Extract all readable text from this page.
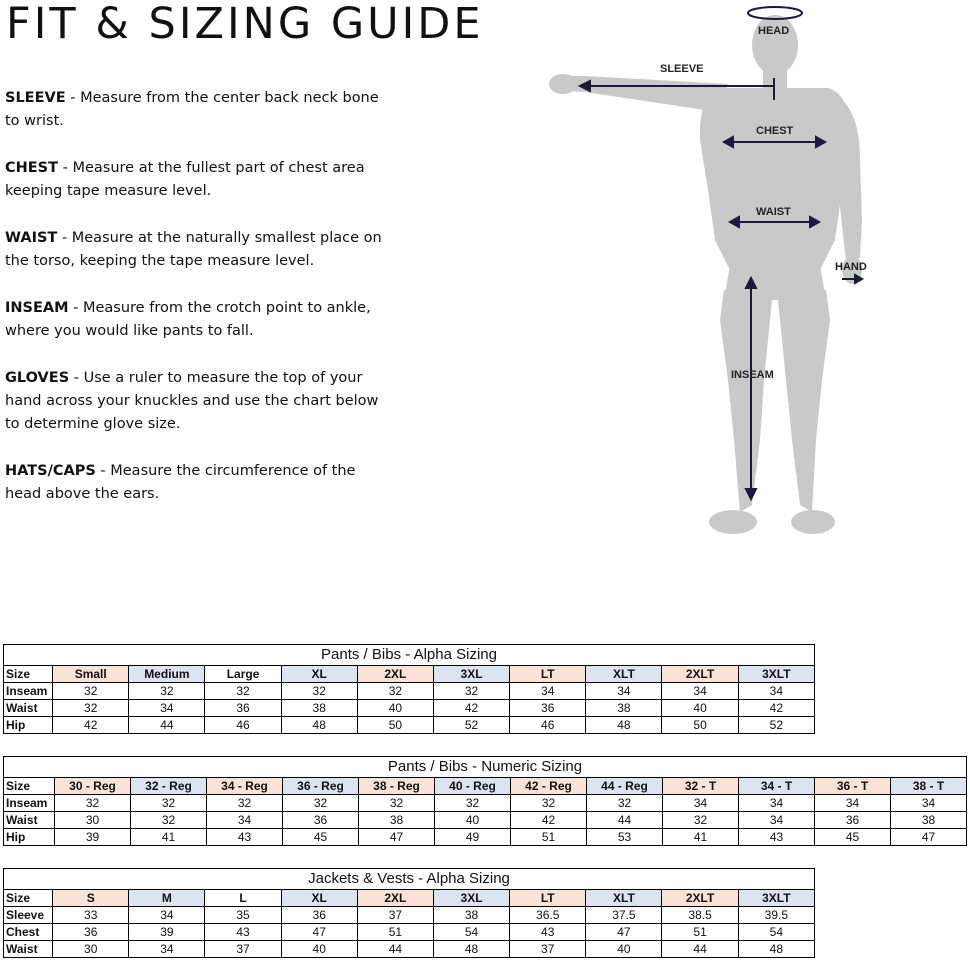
FIT & SIZING GUIDE

SLEEVE - Measure from the center back neck bone to wrist.

CHEST - Measure at the fullest part of chest area keeping tape measure level.

WAIST - Measure at the naturally smallest place on the torso, keeping the tape measure level.

INSEAM - Measure from the crotch point to ankle, where you would like pants to fall.

GLOVES - Use a ruler to measure the top of your hand across your knuckles and use the chart below to determine glove size.

HATS/CAPS - Measure the circumference of the head above the ears.

HEAD
SLEEVE
CHEST
WAIST
HAND
INSEAM
Pants / Bibs - Alpha Sizing										
Size	Small	Medium	Large	XL	2XL	3XL	LT	XLT	2XLT	3XLT
Inseam	32	32	32	32	32	32	34	34	34	34
Waist	32	34	36	38	40	42	36	38	40	42
Hip	42	44	46	48	50	52	46	48	50	52
Pants / Bibs - Numeric Sizing												
Size	30 - Reg	32 - Reg	34 - Reg	36 - Reg	38 - Reg	40 - Reg	42 - Reg	44 - Reg	32 - T	34 - T	36 - T	38 - T
Inseam	32	32	32	32	32	32	32	32	34	34	34	34
Waist	30	32	34	36	38	40	42	44	32	34	36	38
Hip	39	41	43	45	47	49	51	53	41	43	45	47
Jackets & Vests - Alpha Sizing										
Size	S	M	L	XL	2XL	3XL	LT	XLT	2XLT	3XLT
Sleeve	33	34	35	36	37	38	36.5	37.5	38.5	39.5
Chest	36	39	43	47	51	54	43	47	51	54
Waist	30	34	37	40	44	48	37	40	44	48
